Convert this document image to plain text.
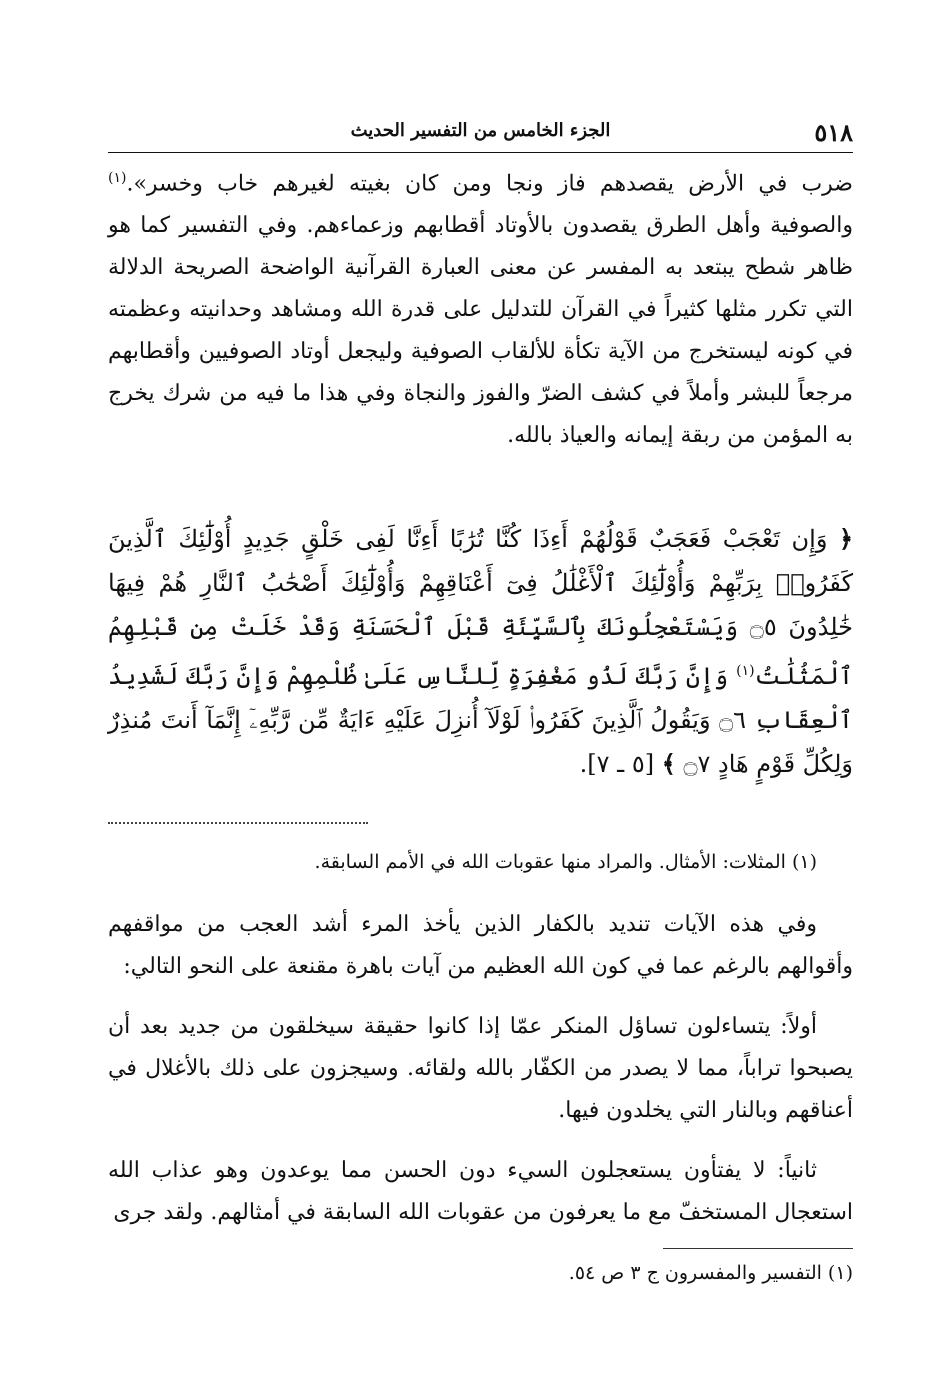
٥١٨
الجزء الخامس من التفسير الحديث

ضرب في الأرض يقصدهم فاز ونجا ومن كان بغيته لغيرهم خاب وخسر».$^{(١)}$ والصوفية وأهل الطرق يقصدون بالأوتاد أقطابهم وزعماءهم. وفي التفسير كما هو ظاهر شطح يبتعد به المفسر عن معنى العبارة القرآنية الواضحة الصريحة الدلالة التي تكرر مثلها كثيراً في القرآن للتدليل على قدرة الله ومشاهد وحدانيته وعظمته في كونه ليستخرج من الآية تكأة للألقاب الصوفية وليجعل أوتاد الصوفيين وأقطابهم مرجعاً للبشر وأملاً في كشف الضرّ والفوز والنجاة وفي هذا ما فيه من شرك يخرج به المؤمن من ربقة إيمانه والعياذ بالله.

﴿ وَإِن تَعْجَبْ فَعَجَبٌ قَوْلُهُمْ أَءِذَا كُنَّا تُرَٰبًا أَءِنَّا لَفِى خَلْقٍ جَدِيدٍ أُوْلَٰٓئِكَ ٱلَّذِينَ كَفَرُوا۟ بِرَبِّهِمْ وَأُوْلَٰٓئِكَ ٱلْأَغْلَٰلُ فِىٓ أَعْنَاقِهِمْ وَأُوْلَٰٓئِكَ أَصْحَٰبُ ٱلنَّارِ هُمْ فِيهَا خَٰلِدُونَ ۝٥ وَيَسْتَعْجِلُونَكَ بِٱلسَّيِّئَةِ قَبْلَ ٱلْحَسَنَةِ وَقَدْ خَلَتْ مِن قَبْلِهِمُ ٱلْمَثُلَٰتُ$^{(١)}$ وَإِنَّ رَبَّكَ لَذُو مَغْفِرَةٍ لِّلنَّاسِ عَلَىٰ ظُلْمِهِمْ وَإِنَّ رَبَّكَ لَشَدِيدُ ٱلْعِقَابِ ۝٦ وَيَقُولُ ٱلَّذِينَ كَفَرُوا۟ لَوْلَآ أُنزِلَ عَلَيْهِ ءَايَةٌ مِّن رَّبِّهِۦٓ إِنَّمَآ أَنتَ مُنذِرٌ وَلِكُلِّ قَوْمٍ هَادٍ ۝٧ ﴾ [٥ ـ ٧].

(١) المثلات: الأمثال. والمراد منها عقوبات الله في الأمم السابقة.

وفي هذه الآيات تنديد بالكفار الذين يأخذ المرء أشد العجب من مواقفهم وأقوالهم بالرغم عما في كون الله العظيم من آيات باهرة مقنعة على النحو التالي:

أولاً: يتساءلون تساؤل المنكر عمّا إذا كانوا حقيقة سيخلقون من جديد بعد أن يصبحوا تراباً، مما لا يصدر من الكفّار بالله ولقائه. وسيجزون على ذلك بالأغلال في أعناقهم وبالنار التي يخلدون فيها.

ثانياً: لا يفتأون يستعجلون السيء دون الحسن مما يوعدون وهو عذاب الله استعجال المستخفّ مع ما يعرفون من عقوبات الله السابقة في أمثالهم. ولقد جرى

(١) التفسير والمفسرون ج ٣ ص ٥٤.
